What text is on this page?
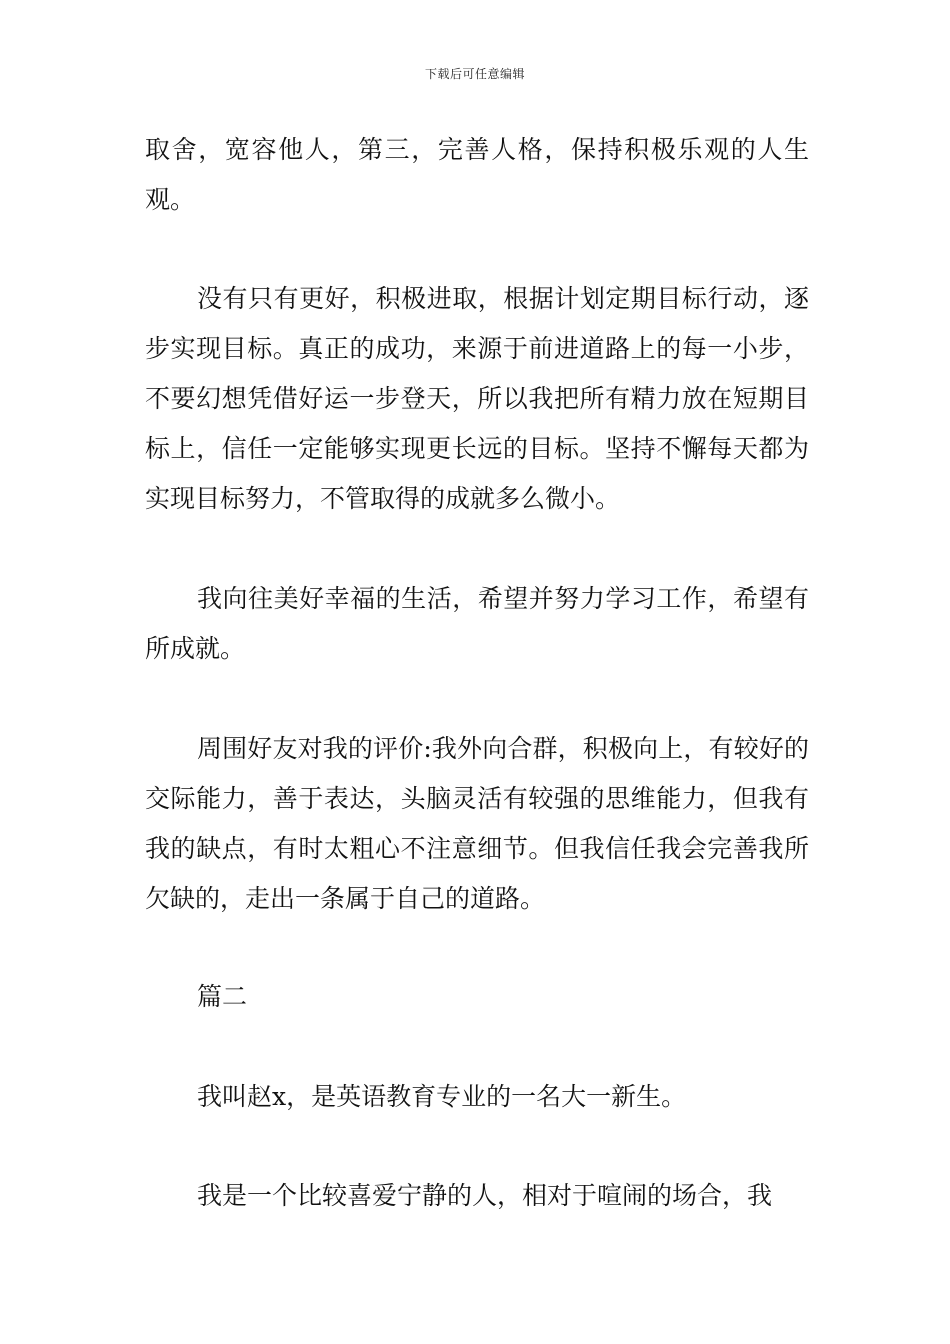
下载后可任意编辑

取舍，宽容他人，第三，完善人格，保持积极乐观的人生观。

没有只有更好，积极进取，根据计划定期目标行动，逐步实现目标。真正的成功，来源于前进道路上的每一小步，不要幻想凭借好运一步登天，所以我把所有精力放在短期目标上，信任一定能够实现更长远的目标。坚持不懈每天都为实现目标努力，不管取得的成就多么微小。

我向往美好幸福的生活，希望并努力学习工作，希望有所成就。

周围好友对我的评价:我外向合群，积极向上，有较好的交际能力，善于表达，头脑灵活有较强的思维能力，但我有我的缺点，有时太粗心不注意细节。但我信任我会完善我所欠缺的，走出一条属于自己的道路。

篇二

我叫赵x，是英语教育专业的一名大一新生。

我是一个比较喜爱宁静的人，相对于喧闹的场合，我
